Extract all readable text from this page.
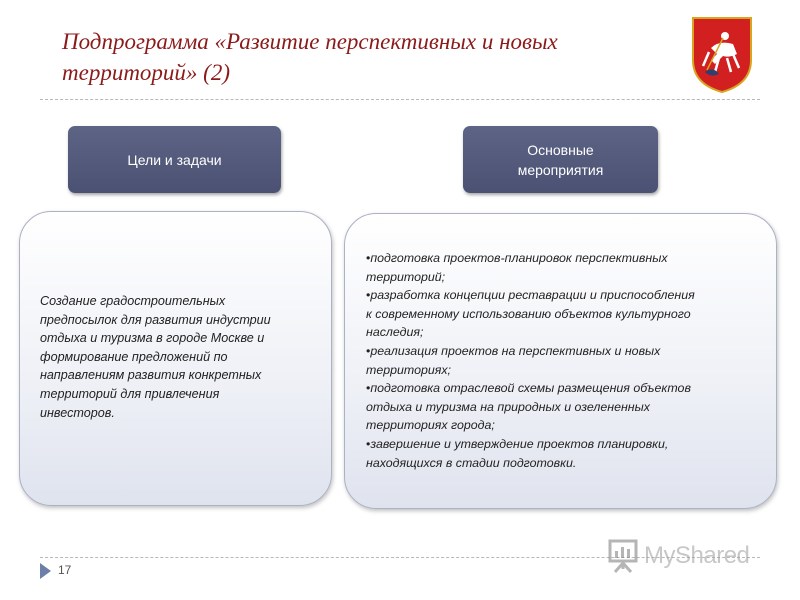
Подпрограмма «Развитие перспективных и новых
территорий» (2)
Цели и задачи
Основные
мероприятия
Создание градостроительных
предпосылок для развития индустрии
отдыха и туризма в городе Москве и
формирование предложений по
направлениям развития конкретных
территорий для привлечения
инвесторов.
•подготовка проектов-планировок перспективных
территорий;
•разработка концепции реставрации и приспособления
к современному использованию объектов культурного
наследия;
•реализация проектов на перспективных и новых
территориях;
•подготовка отраслевой схемы размещения объектов
отдыха и туризма на природных и озелененных
территориях города;
•завершение и утверждение проектов планировки,
находящихся в стадии подготовки.
17
MyShared
